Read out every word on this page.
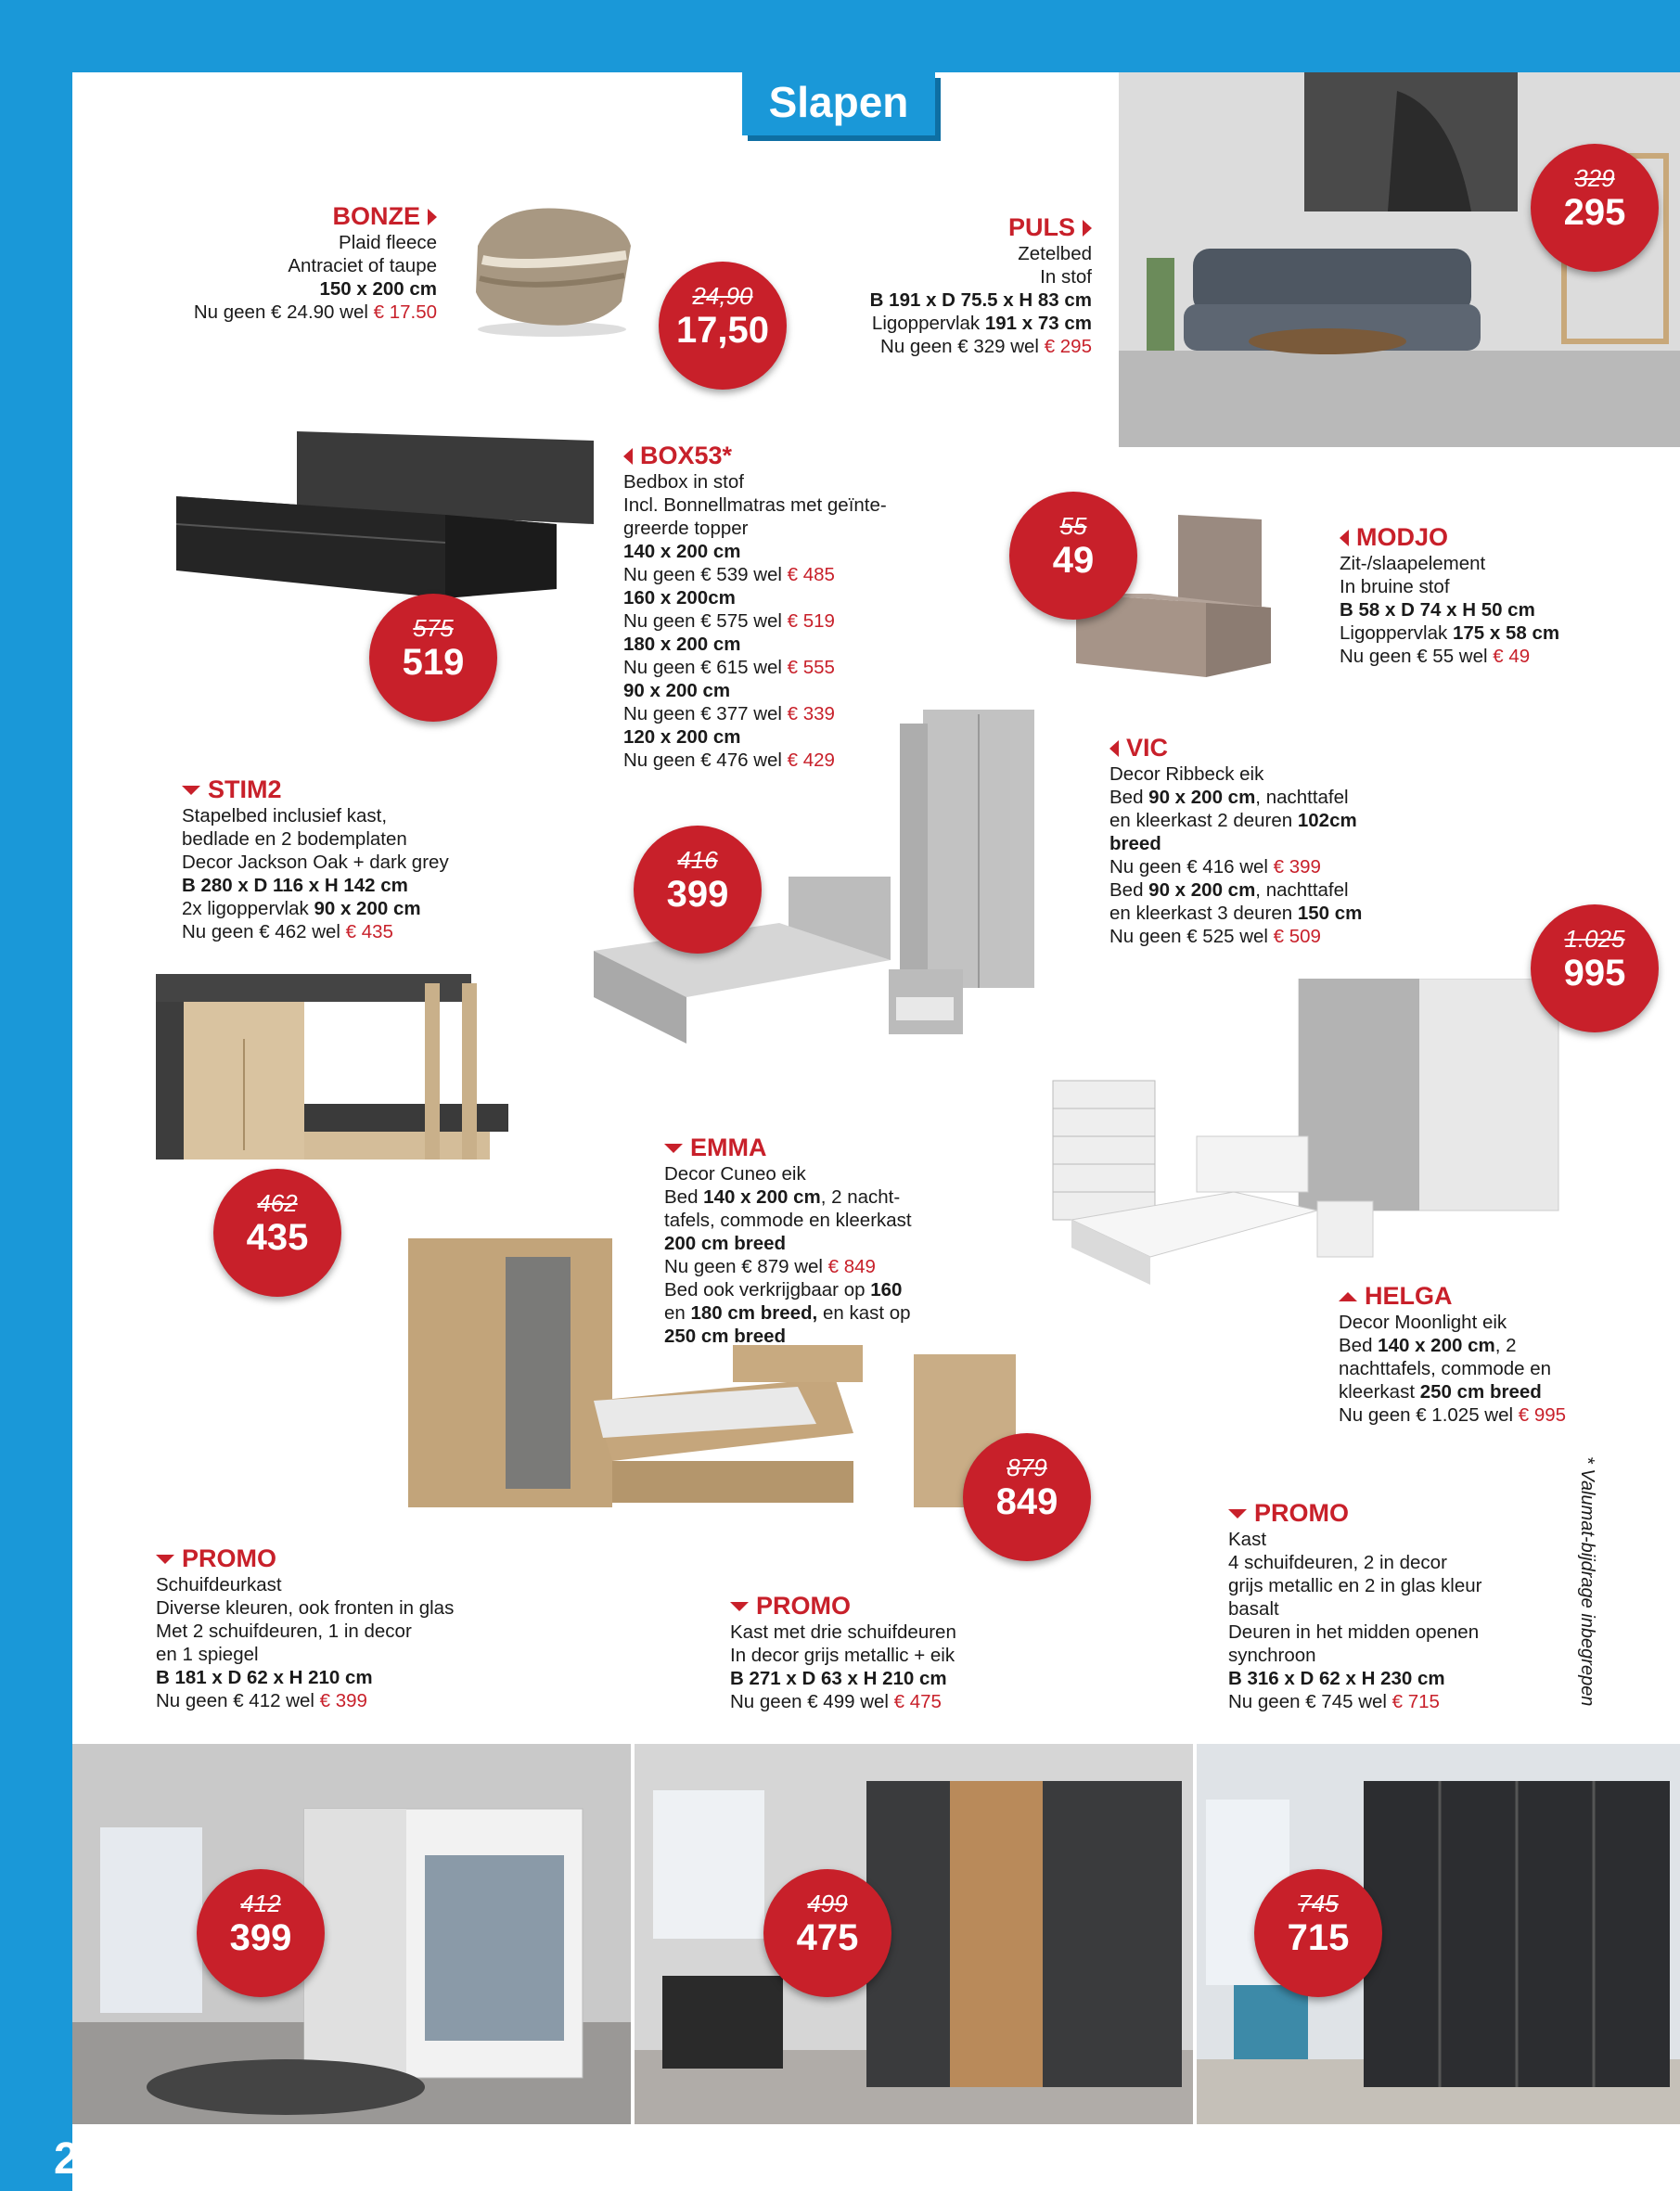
Slapen
24,90
17,50
329
295
575
519
55
49
416
399
1.025
995
462
435
879
849
412
399
499
475
745
715
BONZE
Plaid fleece
Antraciet of taupe
150 x 200 cm
Nu geen € 24.90 wel € 17.50
PULS
Zetelbed
In stof
B 191 x D 75.5 x H 83 cm
Ligoppervlak 191 x 73 cm
Nu geen € 329 wel € 295
BOX53*
Bedbox in stof
Incl. Bonnellmatras met geïnte-
greerde topper
140 x 200 cm
Nu geen € 539 wel € 485
160 x 200cm
Nu geen € 575 wel € 519
180 x 200 cm
Nu geen € 615 wel € 555
90 x 200 cm
Nu geen € 377 wel € 339
120 x 200 cm
Nu geen € 476 wel € 429
MODJO
Zit-/slaapelement
In bruine stof
B 58 x D 74 x H 50 cm
Ligoppervlak 175 x 58 cm
Nu geen € 55 wel € 49
STIM2
Stapelbed inclusief kast,
bedlade en 2 bodemplaten
Decor Jackson Oak + dark grey
B 280 x D 116 x H 142 cm
2x ligoppervlak 90 x 200 cm
Nu geen € 462 wel € 435
VIC
Decor Ribbeck eik
Bed 90 x 200 cm, nachttafel
en kleerkast 2 deuren 102cm
breed
Nu geen € 416 wel € 399
Bed 90 x 200 cm, nachttafel
en kleerkast 3 deuren 150 cm
Nu geen € 525 wel € 509
EMMA
Decor Cuneo eik
Bed 140 x 200 cm, 2 nacht-
tafels, commode en kleerkast
200 cm breed
Nu geen € 879 wel € 849
Bed ook verkrijgbaar op 160
en 180 cm breed, en kast op
250 cm breed
HELGA
Decor Moonlight eik
Bed 140 x 200 cm, 2
nachttafels, commode en
kleerkast 250 cm breed
Nu geen € 1.025 wel € 995
PROMO
Schuifdeurkast
Diverse kleuren, ook fronten in glas
Met 2 schuifdeuren, 1 in decor
en 1 spiegel
B 181 x D 62 x H 210 cm
Nu geen € 412 wel € 399
PROMO
Kast met drie schuifdeuren
In decor grijs metallic + eik
B 271 x D 63 x H 210 cm
Nu geen € 499 wel € 475
PROMO
Kast
4 schuifdeuren, 2 in decor
grijs metallic en 2 in glas kleur
basalt
Deuren in het midden openen
synchroon
B 316 x D 62 x H 230 cm
Nu geen € 745 wel € 715	* Valumat-bijdrage inbegrepen
2
